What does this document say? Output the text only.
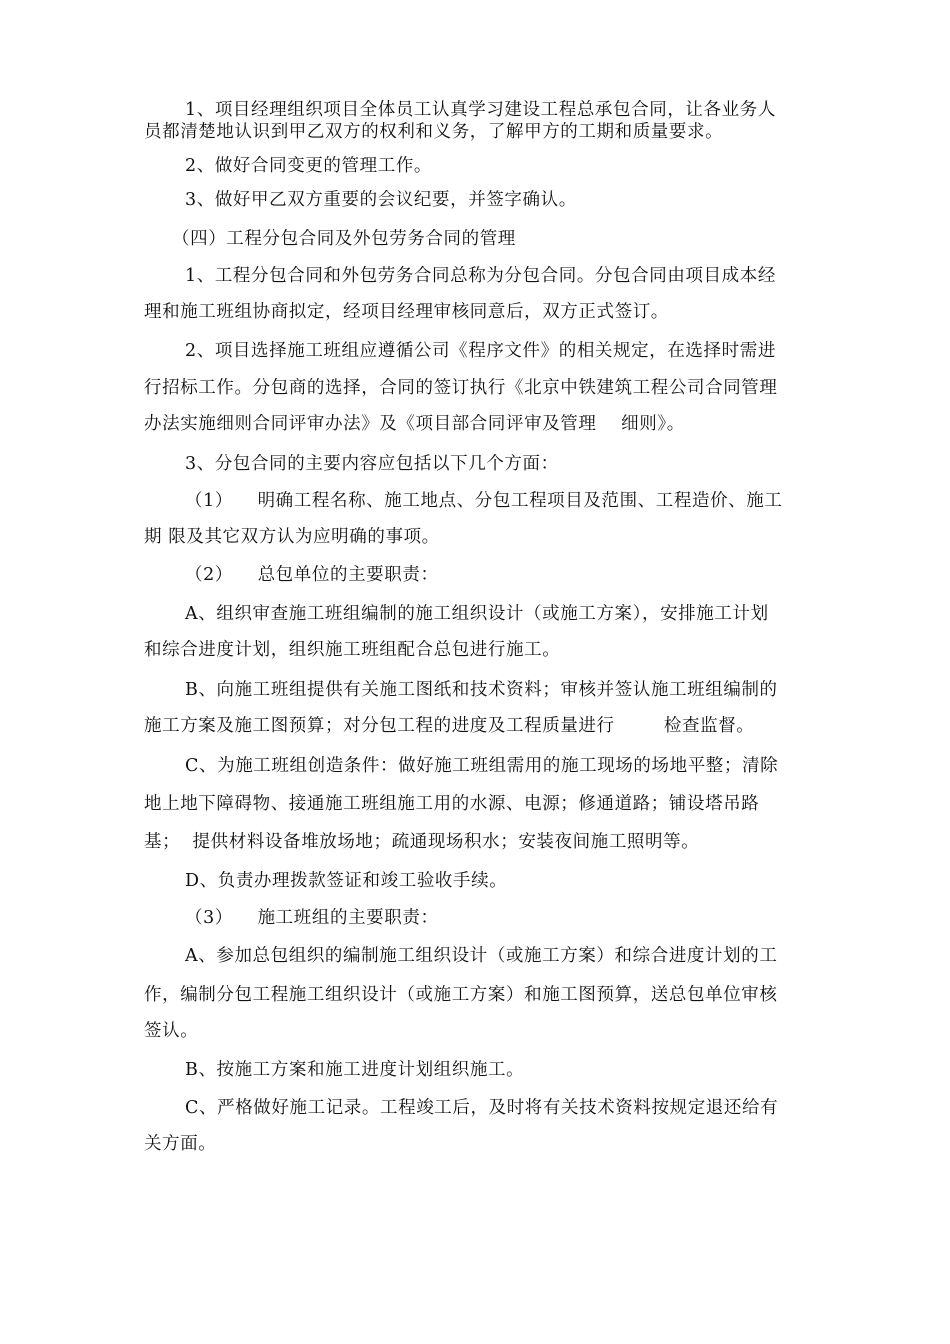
1、项目经理组织项目全体员工认真学习建设工程总承包合同，让各业务人
员都清楚地认识到甲乙双方的权利和义务，了解甲方的工期和质量要求。
2、做好合同变更的管理工作。
3、做好甲乙双方重要的会议纪要，并签字确认。
（四）工程分包合同及外包劳务合同的管理
1、工程分包合同和外包劳务合同总称为分包合同。分包合同由项目成本经
理和施工班组协商拟定，经项目经理审核同意后，双方正式签订。
2、项目选择施工班组应遵循公司《程序文件》的相关规定，在选择时需进
行招标工作。分包商的选择，合同的签订执行《北京中铁建筑工程公司合同管理
办法实施细则合同评审办法》及《项目部合同评审及管理    细则》。
3、分包合同的主要内容应包括以下几个方面：
（1）    明确工程名称、施工地点、分包工程项目及范围、工程造价、施工
期 限及其它双方认为应明确的事项。
（2）    总包单位的主要职责：
A、组织审查施工班组编制的施工组织设计（或施工方案），安排施工计划
和综合进度计划，组织施工班组配合总包进行施工。
B、向施工班组提供有关施工图纸和技术资料；审核并签认施工班组编制的
施工方案及施工图预算；对分包工程的进度及工程质量进行        检查监督。
C、为施工班组创造条件：做好施工班组需用的施工现场的场地平整；清除
地上地下障碍物、接通施工班组施工用的水源、电源；修通道路；铺设塔吊路
基；  提供材料设备堆放场地；疏通现场积水；安装夜间施工照明等。
D、负责办理拨款签证和竣工验收手续。
（3）    施工班组的主要职责：
A、参加总包组织的编制施工组织设计（或施工方案）和综合进度计划的工
作，编制分包工程施工组织设计（或施工方案）和施工图预算，送总包单位审核
签认。
B、按施工方案和施工进度计划组织施工。
C、严格做好施工记录。工程竣工后，及时将有关技术资料按规定退还给有
关方面。
